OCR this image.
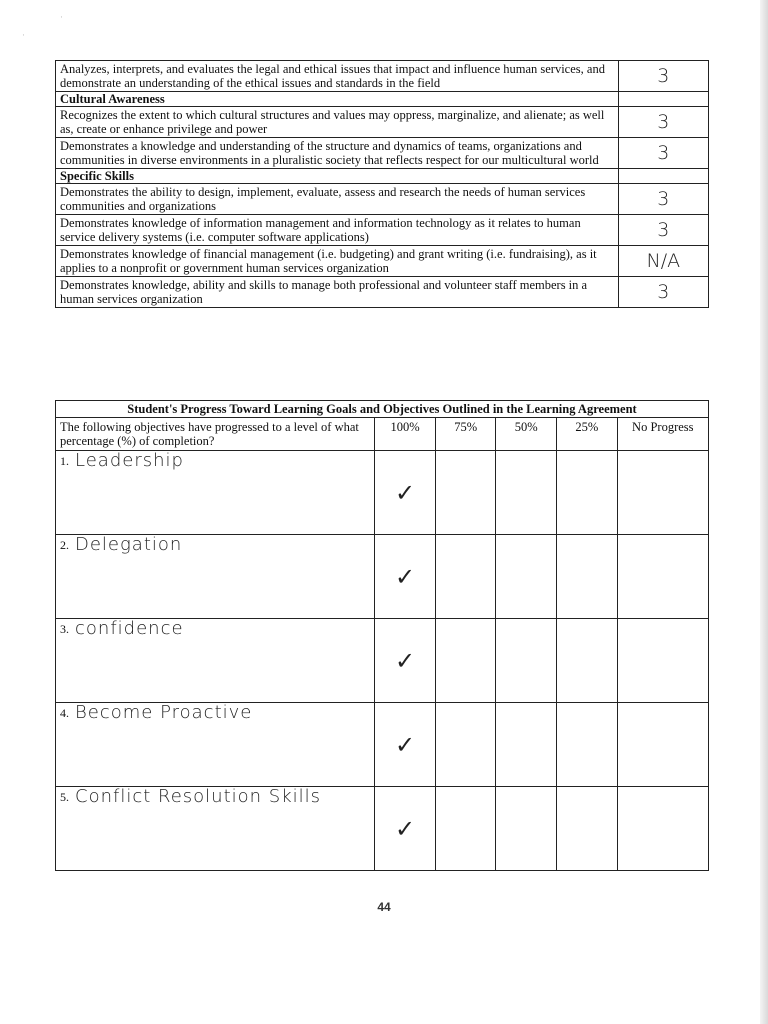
·
·
Analyzes, interprets, and evaluates the legal and ethical issues that impact and influence human services, and demonstrate an understanding of the ethical issues and standards in the field	3
Cultural Awareness	
Recognizes the extent to which cultural structures and values may oppress, marginalize, and alienate; as well as, create or enhance privilege and power	3
Demonstrates a knowledge and understanding of the structure and dynamics of teams, organizations and communities in diverse environments in a pluralistic society that reflects respect for our multicultural world	3
Specific Skills	
Demonstrates the ability to design, implement, evaluate, assess and research the needs of human services communities and organizations	3
Demonstrates knowledge of information management and information technology as it relates to human service delivery systems (i.e. computer software applications)	3
Demonstrates knowledge of financial management (i.e. budgeting) and grant writing (i.e. fundraising), as it applies to a nonprofit or government human services organization	N/A
Demonstrates knowledge, ability and skills to manage both professional and volunteer staff members in a human services organization	3
Student's Progress Toward Learning Goals and Objectives Outlined in the Learning Agreement					
The following objectives have progressed to a level of what percentage (%) of completion?	100%	75%	50%	25%	No Progress
1. Leadership	✓				
2. Delegation	✓				
3. confidence	✓				
4. Become Proactive	✓				
5. Conflict Resolution Skills	✓				
44
